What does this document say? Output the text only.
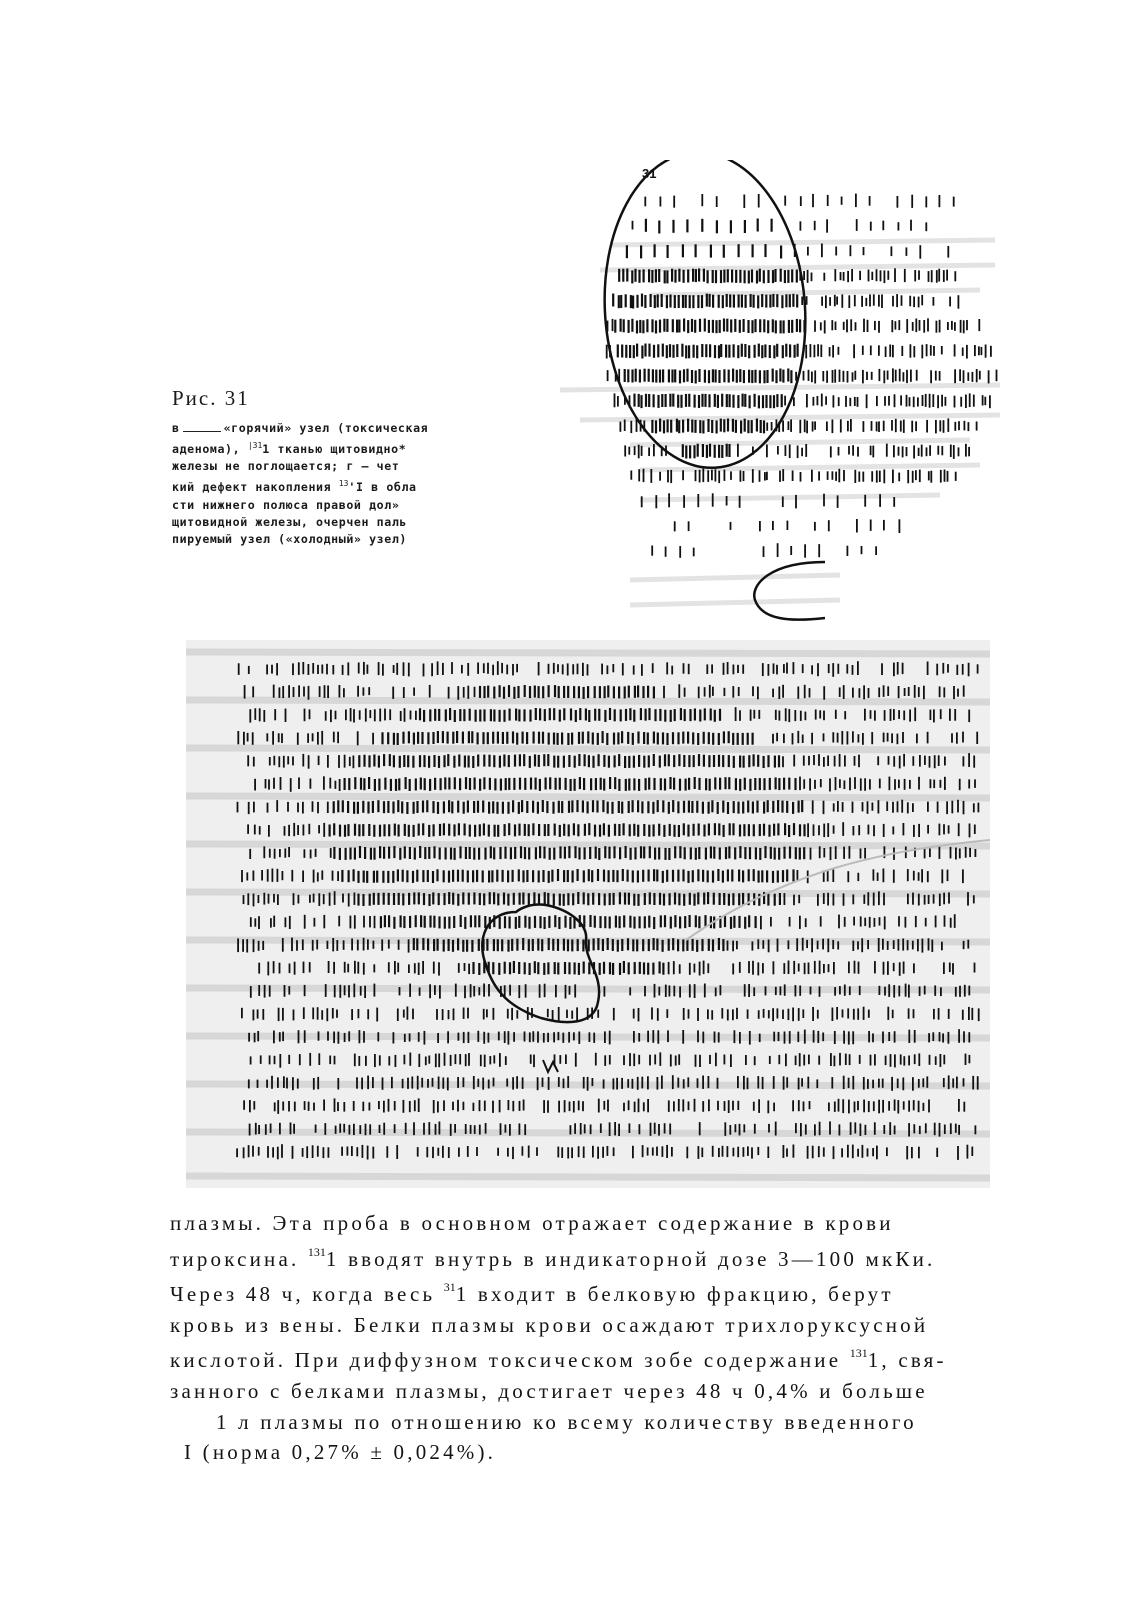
Рис. 31
в	«горячий» узел (токсическая
аденома), $^{|31}$1 тканью щитовидно*
железы не поглощается; г — чет
кий дефект накопления $^{13}$'I в обла
сти нижнего полюса правой дол»
щитовидной железы, очерчен паль
пируемый узел («холодный» узел)
31
плазмы. Эта проба в основном отражает содержание в крови
тироксина. $^{131}$1 вводят внутрь в индикаторной дозе 3—100 мкКи.
Через 48 ч, когда весь $^{31}$1 входит в белковую фракцию, берут
кровь из вены. Белки плазмы крови осаждают трихлоруксусной
кислотой. При диффузном токсическом зобе содержание $^{131}$1, свя-
занного с белками плазмы, достигает через 48 ч 0,4% и больше
1 л плазмы по отношению ко всему количеству введенного
I (норма 0,27% ± 0,024%).
